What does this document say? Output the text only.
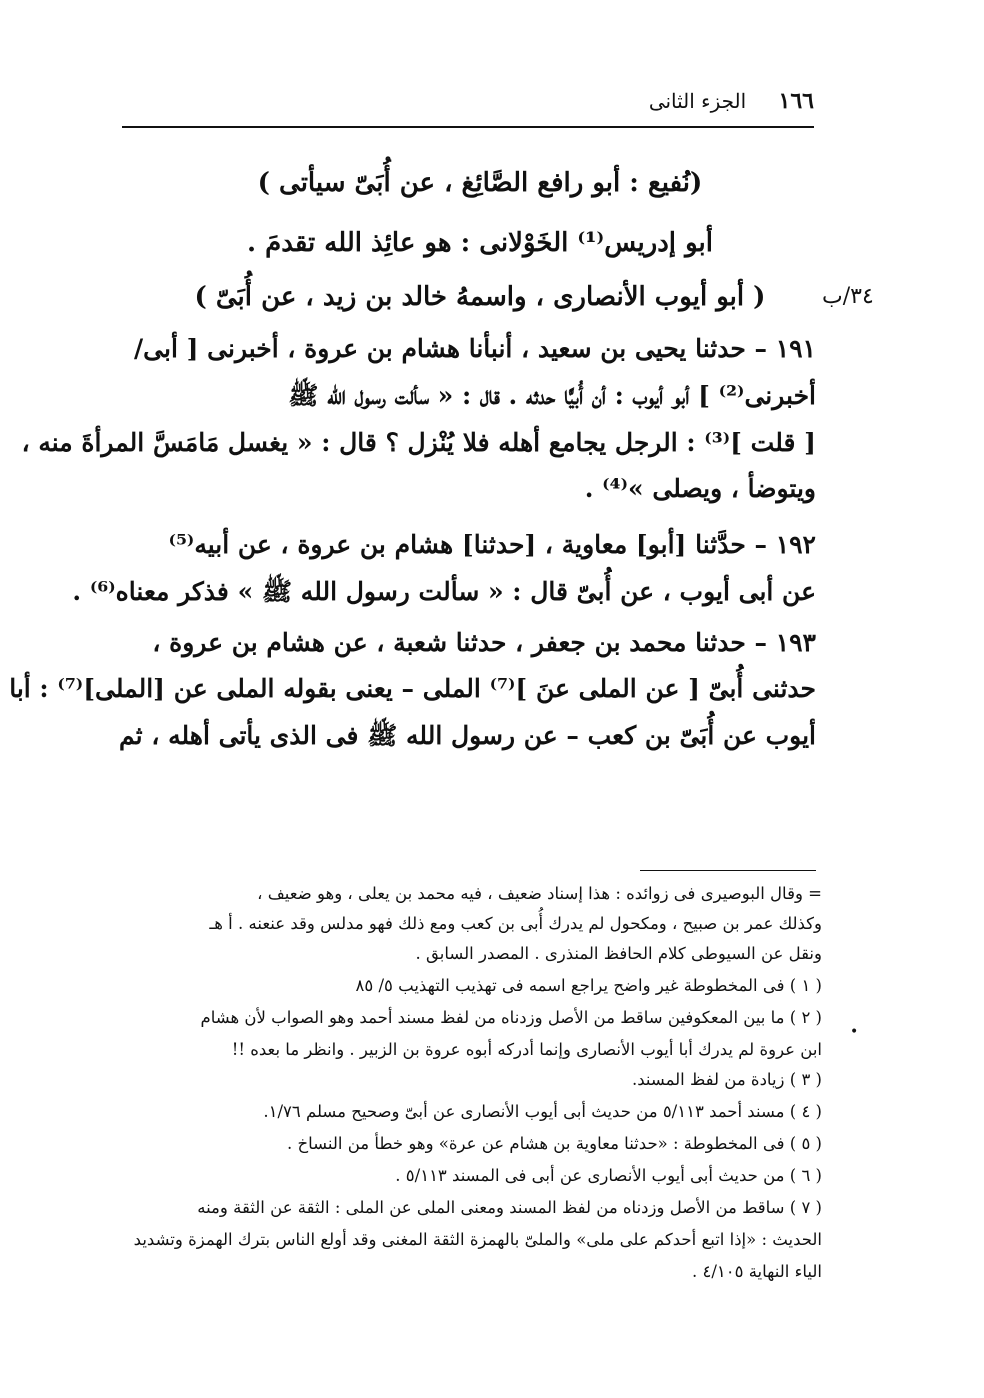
١٦٦ الجزء الثانى
٣٤/ب
(نُفيع : أبو رافع الصَّائِغ ، عن أُبَىّ سيأتى )
أبو إدريس⁽¹⁾ الخَوْلانى : هو عائِذ الله تقدمَ .
( أبو أيوب الأنصارى ، واسمهُ خالد بن زيد ، عن أُبَىّ )
١٩١ – حدثنا يحيى بن سعيد ، أنبأنا هشام بن عروة ، أخبرنى [ أبى/
أخبرنى⁽²⁾ ] أبو أيوب : أن أُبيًّا حدثه . قال : « سألت رسول الله ﷺ
[ قلت ]⁽³⁾ : الرجل يجامع أهله فلا يُنْزل ؟ قال : « يغسل مَامَسَّ المرأةَ منه ،
ويتوضأ ، ويصلى »⁽⁴⁾ .
١٩٢ – حدَّثنا [أبو] معاوية ، [حدثنا] هشام بن عروة ، عن أبيه⁽⁵⁾
عن أبى أيوب ، عن أُبىّ قال : « سألت رسول الله ﷺ » فذكر معناه⁽⁶⁾ .
١٩٣ – حدثنا محمد بن جعفر ، حدثنا شعبة ، عن هشام بن عروة ،
حدثنى أُبىّ [ عن الملى عنَ ]⁽⁷⁾ الملى – يعنى بقوله الملى عن [الملى]⁽⁷⁾ : أبا
أيوب عن أُبَىّ بن كعب – عن رسول الله ﷺ فى الذى يأتى أهله ، ثم
= وقال البوصيرى فى زوائده : هذا إسناد ضعيف ، فيه محمد بن يعلى ، وهو ضعيف ،
وكذلك عمر بن صبيح ، ومكحول لم يدرك أُبى بن كعب ومع ذلك فهو مدلس وقد عنعنه . أ هـ
ونقل عن السيوطى كلام الحافظ المنذرى . المصدر السابق .
( ١ ) فى المخطوطة غير واضح يراجع اسمه فى تهذيب التهذيب ٥/ ٨٥
( ٢ ) ما بين المعكوفين ساقط من الأصل وزدناه من لفظ مسند أحمد وهو الصواب لأن هشام
ابن عروة لم يدرك أبا أيوب الأنصارى وإنما أدركه أبوه عروة بن الزبير . وانظر ما بعده !!
( ٣ ) زيادة من لفظ المسند.
( ٤ ) مسند أحمد ٥/١١٣ من حديث أبى أيوب الأنصارى عن أبىّ وصحيح مسلم ١/٧٦.
( ٥ ) فى المخطوطة : «حدثنا معاوية بن هشام عن عرة» وهو خطأ من النساخ .
( ٦ ) من حديث أبى أيوب الأنصارى عن أبى فى المسند ٥/١١٣ .
( ٧ ) ساقط من الأصل وزدناه من لفظ المسند ومعنى الملى عن الملى : الثقة عن الثقة ومنه
الحديث : «إذا اتبع أحدكم على ملى» والملىّ بالهمزة الثقة المغنى وقد أولع الناس بترك الهمزة وتشديد
الياء النهاية ٤/١٠٥ .
•
